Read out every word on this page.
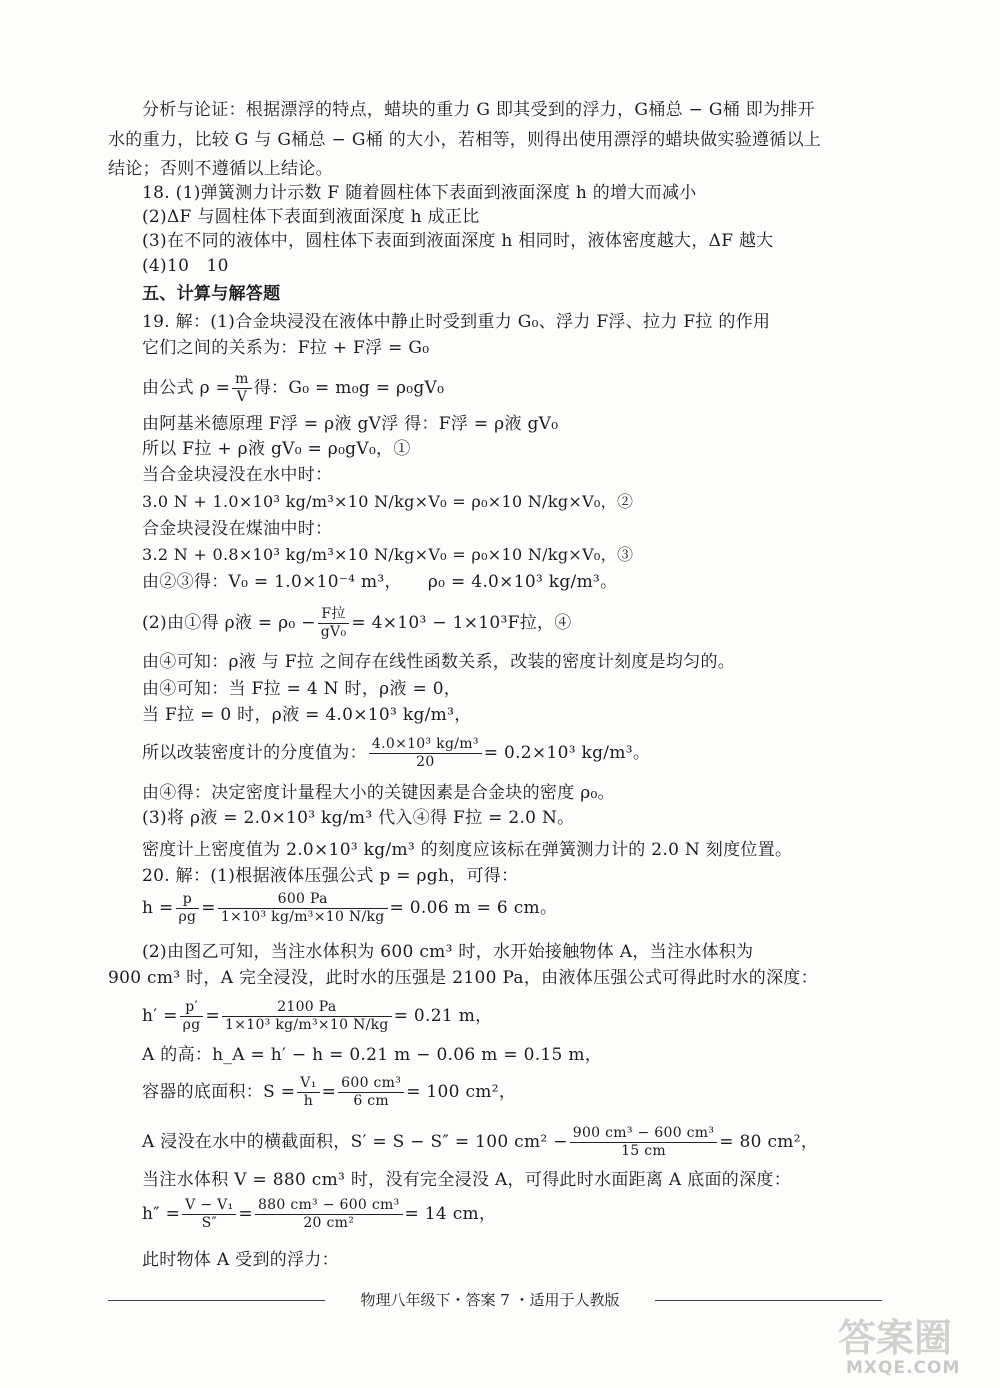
分析与论证：根据漂浮的特点，蜡块的重力 G 即其受到的浮力，G桶总 − G桶 即为排开
水的重力，比较 G 与 G桶总 − G桶 的大小，若相等，则得出使用漂浮的蜡块做实验遵循以上
结论；否则不遵循以上结论。
18. (1)弹簧测力计示数 F 随着圆柱体下表面到液面深度 h 的增大而减小
(2)ΔF 与圆柱体下表面到液面深度 h 成正比
(3)在不同的液体中，圆柱体下表面到液面深度 h 相同时，液体密度越大，ΔF 越大
(4)10　10
五、计算与解答题
19. 解：(1)合金块浸没在液体中静止时受到重力 G₀、浮力 F浮、拉力 F拉 的作用
它们之间的关系为：F拉 + F浮 = G₀
由公式 $\rho = \frac{m}{V}$ 得：G₀ = m₀g = ρ₀gV₀
由阿基米德原理 F浮 = ρ液 gV浮 得：F浮 = ρ液 gV₀
所以 F拉 + ρ液 gV₀ = ρ₀gV₀，①
当合金块浸没在水中时：
3.0 N + 1.0×10³ kg/m³×10 N/kg×V₀ = ρ₀×10 N/kg×V₀，②
合金块浸没在煤油中时：
3.2 N + 0.8×10³ kg/m³×10 N/kg×V₀ = ρ₀×10 N/kg×V₀，③
由②③得：V₀ = 1.0×10⁻⁴ m³，　　ρ₀ = 4.0×10³ kg/m³。
(2)由①得 ρ液 = $\rho_0 - \frac{\text{F拉}}{\text{gV₀}} = 4\times 10^3 - 1\times 10^3F$拉，④
由④可知：ρ液 与 F拉 之间存在线性函数关系，改装的密度计刻度是均匀的。
由④可知：当 F拉 = 4 N 时，ρ液 = 0，
当 F拉 = 0 时，ρ液 = 4.0×10³ kg/m³，
所以改装密度计的分度值为： $\frac{\text{4.0×10³ kg/m³}}{20} = 0.2\times 10^3$ kg/m³。
由④得：决定密度计量程大小的关键因素是合金块的密度 ρ₀。
(3)将 ρ液 = 2.0×10³ kg/m³ 代入④得 F拉 = 2.0 N。
密度计上密度值为 2.0×10³ kg/m³ 的刻度应该标在弹簧测力计的 2.0 N 刻度位置。
20. 解：(1)根据液体压强公式 p = ρgh，可得：
$h = \frac{p}{\rho g} = \frac{600 Pa}{\text{1×10³ kg/m³×10 N/kg}} = 0.06$ m = 6 cm。
(2)由图乙可知，当注水体积为 600 cm³ 时，水开始接触物体 A，当注水体积为
900 cm³ 时，A 完全浸没，此时水的压强是 2100 Pa，由液体压强公式可得此时水的深度：
$h' = \frac{p'}{\rho g} = \frac{2100 Pa}{\text{1×10³ kg/m³×10 N/kg}} = 0.21$ m，
A 的高：h_A = h′ − h = 0.21 m − 0.06 m = 0.15 m，
容器的底面积：$S = \frac{\text{V₁}}{h} = \frac{\text{600 cm³}}{6 cm} = 100$ cm²，
A 浸没在水中的横截面积，S′ = S − S″ = 100 $cm^2 - \frac{\text{900 cm³ − 600 cm³}}{15 cm} = 80$ cm²，
当注水体积 V = 880 cm³ 时，没有完全浸没 A，可得此时水面距离 A 底面的深度：
$h'' = \frac{\text{V − V₁}}{S''} = \frac{\text{880 cm³ − 600 cm³}}{\text{20 cm²}} = 14$ cm，
此时物体 A 受到的浮力：
物理八年级下・答案 7 ・适用于人教版
答案圈
MXQE.COM
